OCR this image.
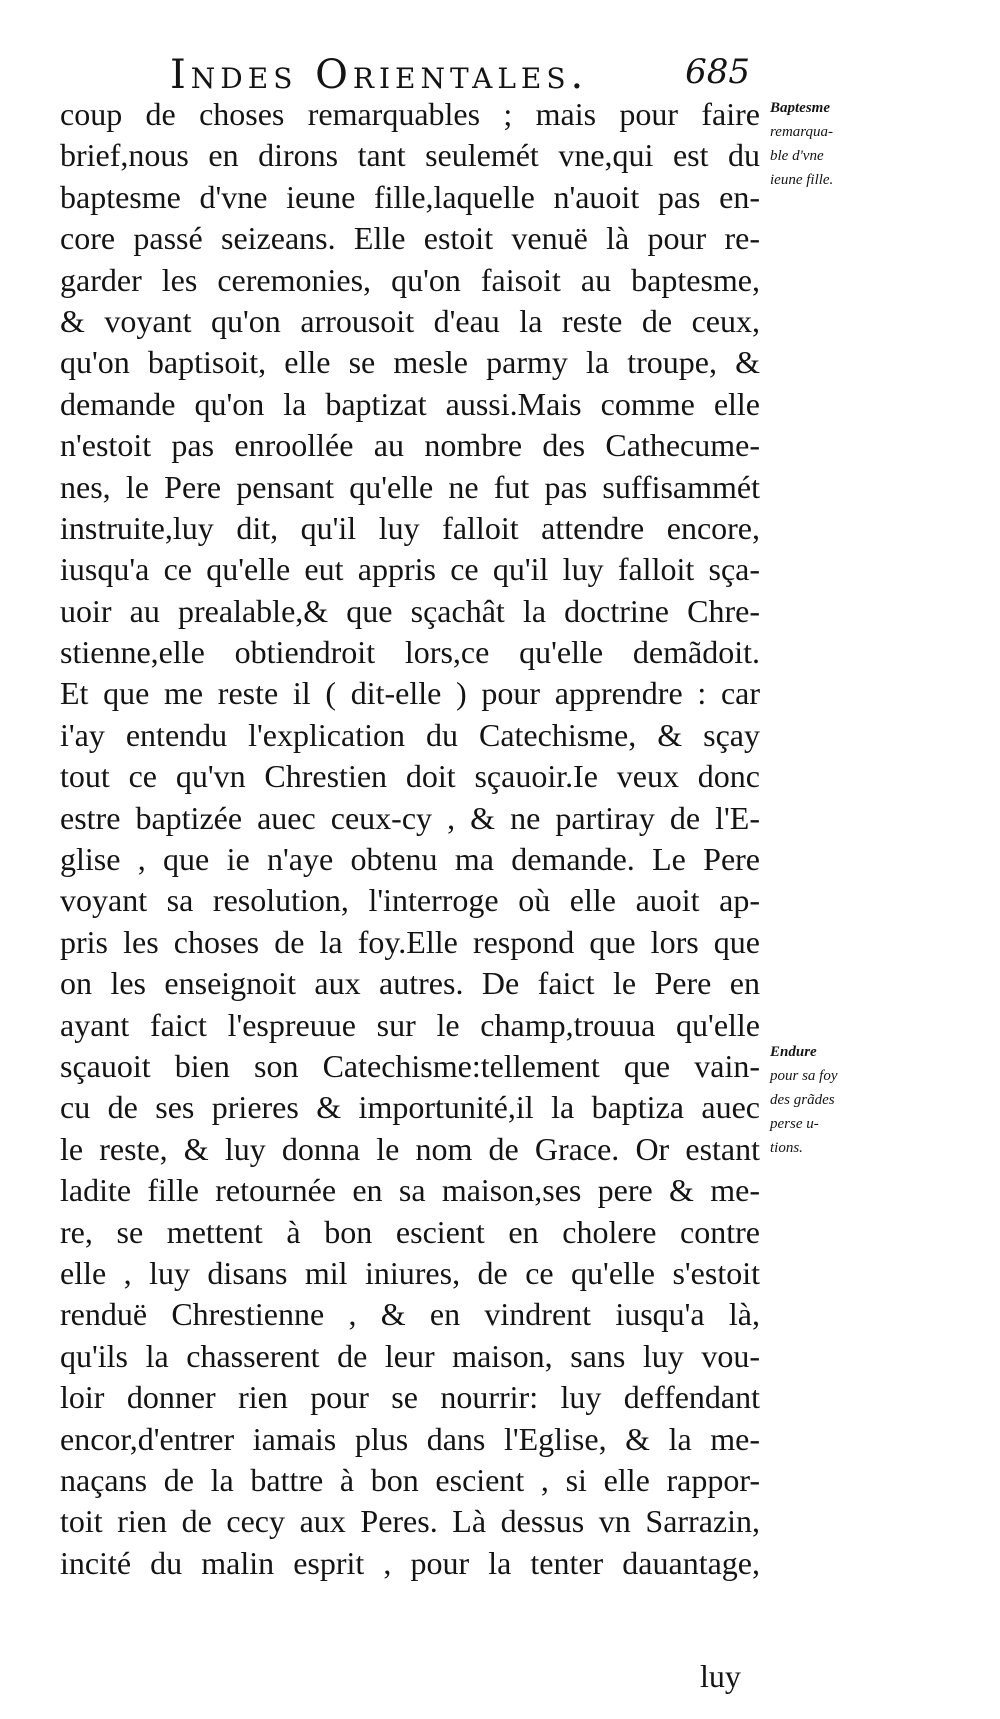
Indes Orientales.	685
coup de choses remarquables ; mais pour faire
brief,nous en dirons tant seulemét vne,qui est du
baptesme d'vne ieune fille,laquelle n'auoit pas en-
core passé seizeans. Elle estoit venuë là pour re-
garder les ceremonies, qu'on faisoit au baptesme,
& voyant qu'on arrousoit d'eau la reste de ceux,
qu'on baptisoit, elle se mesle parmy la troupe, &
demande qu'on la baptizat aussi.Mais comme elle
n'estoit pas enroollée au nombre des Cathecume-
nes, le Pere pensant qu'elle ne fut pas suffisammét
instruite,luy dit, qu'il luy falloit attendre encore,
iusqu'a ce qu'elle eut appris ce qu'il luy falloit sça-
uoir au prealable,& que sçachât la doctrine Chre-
stienne,elle obtiendroit lors,ce qu'elle demãdoit.
Et que me reste il ( dit-elle ) pour apprendre : car
i'ay entendu l'explication du Catechisme, & sçay
tout ce qu'vn Chrestien doit sçauoir.Ie veux donc
estre baptizée auec ceux-cy , & ne partiray de l'E-
glise , que ie n'aye obtenu ma demande. Le Pere
voyant sa resolution, l'interroge où elle auoit ap-
pris les choses de la foy.Elle respond que lors que
on les enseignoit aux autres. De faict le Pere en
ayant faict l'espreuue sur le champ,trouua qu'elle
sçauoit bien son Catechisme:tellement que vain-
cu de ses prieres & importunité,il la baptiza auec
le reste, & luy donna le nom de Grace. Or estant
ladite fille retournée en sa maison,ses pere & me-
re, se mettent à bon escient en cholere contre
elle , luy disans mil iniures, de ce qu'elle s'estoit
renduë Chrestienne , & en vindrent iusqu'a là,
qu'ils la chasserent de leur maison, sans luy vou-
loir donner rien pour se nourrir: luy deffendant
encor,d'entrer iamais plus dans l'Eglise, & la me-
naçans de la battre à bon escient , si elle rappor-
toit rien de cecy aux Peres. Là dessus vn Sarrazin,
incité du malin esprit , pour la tenter dauantage,
luy
Baptesme
remarqua-
ble d'vne
ieune fille.
Endure
pour sa foy
des grãdes
perse u-
tions.
